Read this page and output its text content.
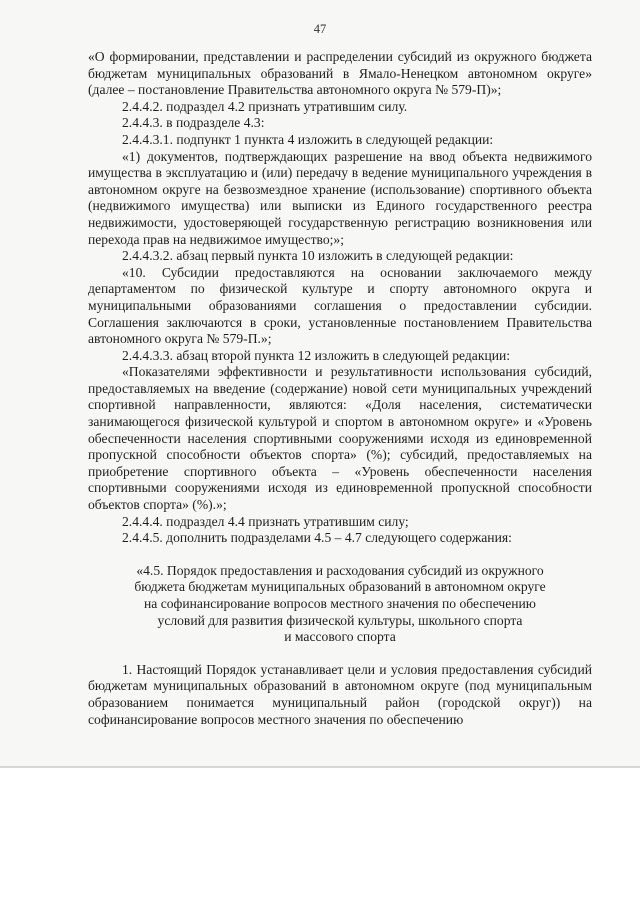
47

«О формировании, представлении и распределении субсидий из окружного бюджета бюджетам муниципальных образований в Ямало-Ненецком автономном округе» (далее – постановление Правительства автономного округа № 579-П)»;

2.4.4.2. подраздел 4.2 признать утратившим силу.

2.4.4.3. в подразделе 4.3:

2.4.4.3.1. подпункт 1 пункта 4 изложить в следующей редакции:

«1) документов, подтверждающих разрешение на ввод объекта недвижимого имущества в эксплуатацию и (или) передачу в ведение муниципального учреждения в автономном округе на безвозмездное хранение (использование) спортивного объекта (недвижимого имущества) или выписки из Единого государственного реестра недвижимости, удостоверяющей государственную регистрацию возникновения или перехода прав на недвижимое имущество;»;

2.4.4.3.2. абзац первый пункта 10 изложить в следующей редакции:

«10. Субсидии предоставляются на основании заключаемого между департаментом по физической культуре и спорту автономного округа и муниципальными образованиями соглашения о предоставлении субсидии. Соглашения заключаются в сроки, установленные постановлением Правительства автономного округа № 579-П.»;

2.4.4.3.3. абзац второй пункта 12 изложить в следующей редакции:

«Показателями эффективности и результативности использования субсидий, предоставляемых на введение (содержание) новой сети муниципальных учреждений спортивной направленности, являются: «Доля населения, систематически занимающегося физической культурой и спортом в автономном округе» и «Уровень обеспеченности населения спортивными сооружениями исходя из единовременной пропускной способности объектов спорта» (%); субсидий, предоставляемых на приобретение спортивного объекта – «Уровень обеспеченности населения спортивными сооружениями исходя из единовременной пропускной способности объектов спорта» (%).»;

2.4.4.4. подраздел 4.4 признать утратившим силу;

2.4.4.5. дополнить подразделами 4.5 – 4.7 следующего содержания:

«4.5. Порядок предоставления и расходования субсидий из окружного
бюджета бюджетам муниципальных образований в автономном округе
на софинансирование вопросов местного значения по обеспечению
условий для развития физической культуры, школьного спорта
и массового спорта

1. Настоящий Порядок устанавливает цели и условия предоставления субсидий бюджетам муниципальных образований в автономном округе (под муниципальным образованием понимается муниципальный район (городской округ)) на софинансирование вопросов местного значения по обеспечению
